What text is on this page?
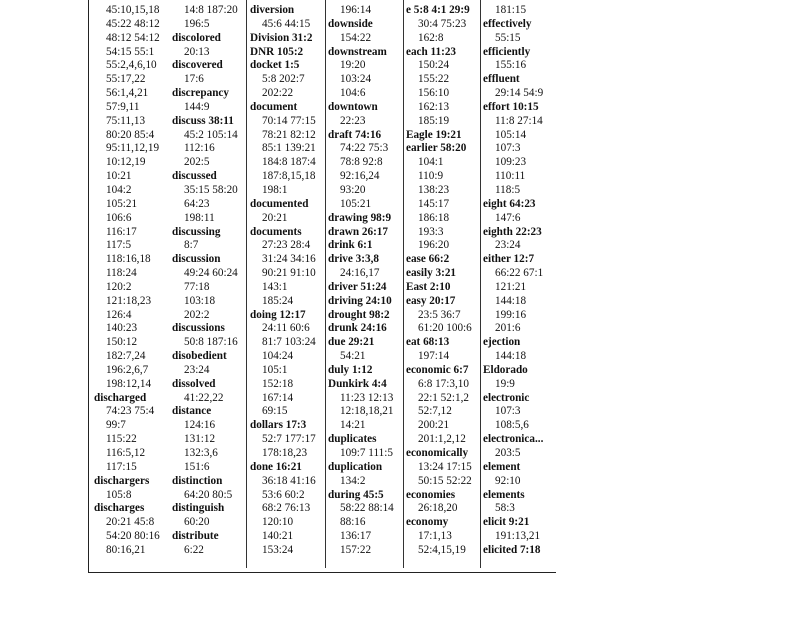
45:10,15,18
45:22 48:12
48:12 54:12
54:15 55:1
55:2,4,6,10
55:17,22
56:1,4,21
57:9,11
75:11,13
80:20 85:4
95:11,12,19
10:12,19
10:21
104:2
105:21
106:6
116:17
117:5
118:16,18
118:24
120:2
121:18,23
126:4
140:23
150:12
182:7,24
196:2,6,7
198:12,14
discharged
74:23 75:4
99:7
115:22
116:5,12
117:15
dischargers
105:8
discharges
20:21 45:8
54:20 80:16
80:16,21
14:8 187:20
196:5
discolored
20:13
discovered
17:6
discrepancy
144:9
discuss 38:11
45:2 105:14
112:16
202:5
discussed
35:15 58:20
64:23
198:11
discussing
8:7
discussion
49:24 60:24
77:18
103:18
202:2
discussions
50:8 187:16
disobedient
23:24
dissolved
41:22,22
distance
124:16
131:12
132:3,6
151:6
distinction
64:20 80:5
distinguish
60:20
distribute
6:22
diversion
45:6 44:15
Division 31:2
DNR 105:2
docket 1:5
5:8 202:7
202:22
document
70:14 77:15
78:21 82:12
85:1 139:21
184:8 187:4
187:8,15,18
198:1
documented
20:21
documents
27:23 28:4
31:24 34:16
90:21 91:10
143:1
185:24
doing 12:17
24:11 60:6
81:7 103:24
104:24
105:1
152:18
167:14
69:15
dollars 17:3
52:7 177:17
178:18,23
done 16:21
36:18 41:16
53:6 60:2
68:2 76:13
120:10
140:21
153:24
196:14
downside
154:22
downstream
19:20
103:24
104:6
downtown
22:23
draft 74:16
74:22 75:3
78:8 92:8
92:16,24
93:20
105:21
drawing 98:9
drawn 26:17
drink 6:1
drive 3:3,8
24:16,17
driver 51:24
driving 24:10
drought 98:2
drunk 24:16
due 29:21
54:21
duly 1:12
Dunkirk 4:4
11:23 12:13
12:18,18,21
14:21
duplicates
109:7 111:5
duplication
134:2
during 45:5
58:22 88:14
88:16
136:17
157:22
e 5:8 4:1 29:9
30:4 75:23
162:8
each 11:23
150:24
155:22
156:10
162:13
185:19
Eagle 19:21
earlier 58:20
104:1
110:9
138:23
145:17
186:18
193:3
196:20
ease 66:2
easily 3:21
East 2:10
easy 20:17
23:5 36:7
61:20 100:6
eat 68:13
197:14
economic 6:7
6:8 17:3,10
22:1 52:1,2
52:7,12
200:21
201:1,2,12
economically
13:24 17:15
50:15 52:22
economies
26:18,20
economy
17:1,13
52:4,15,19
181:15
effectively
55:15
efficiently
155:16
effluent
29:14 54:9
effort 10:15
11:8 27:14
105:14
107:3
109:23
110:11
118:5
eight 64:23
147:6
eighth 22:23
23:24
either 12:7
66:22 67:1
121:21
144:18
199:16
201:6
ejection
144:18
Eldorado
19:9
electronic
107:3
108:5,6
electronica...
203:5
element
92:10
elements
58:3
elicit 9:21
191:13,21
elicited 7:18
